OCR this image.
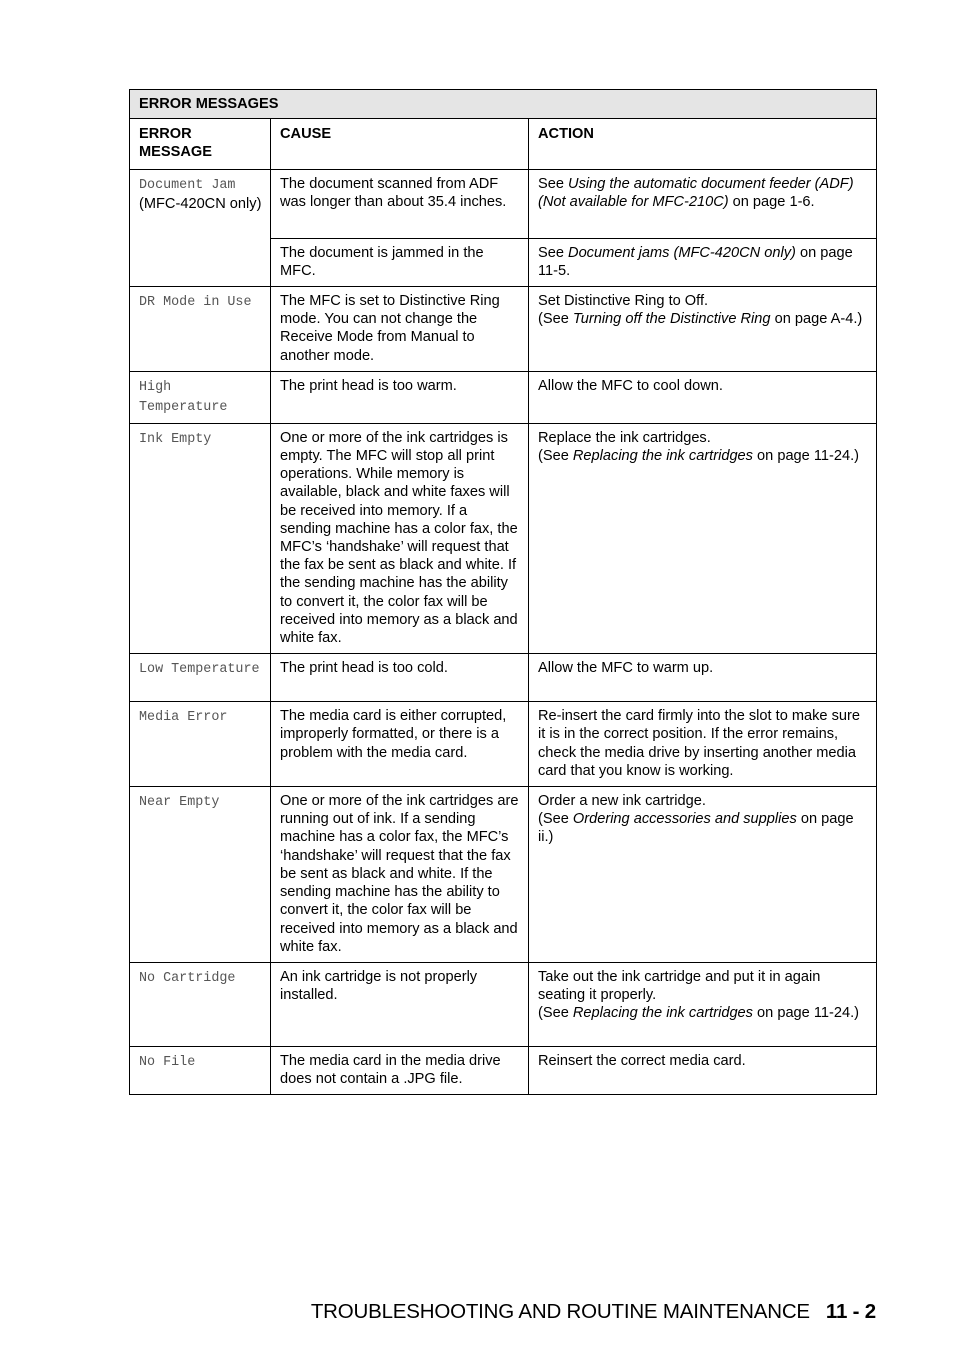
ERROR MESSAGES		
ERROR MESSAGE	CAUSE	ACTION
Document Jam
(MFC-420CN only)	The document scanned from ADF was longer than about 35.4 inches.	See Using the automatic document feeder (ADF) (Not available for MFC-210C) on page 1-6.
	The document is jammed in the MFC.	See Document jams (MFC-420CN only) on page 11-5.
DR Mode in Use	The MFC is set to Distinctive Ring mode. You can not change the Receive Mode from Manual to another mode.	Set Distinctive Ring to Off.
(See Turning off the Distinctive Ring on page A-4.)
High Temperature	The print head is too warm.	Allow the MFC to cool down.
Ink Empty	One or more of the ink cartridges is empty. The MFC will stop all print operations. While memory is available, black and white faxes will be received into memory. If a sending machine has a color fax, the MFC’s ‘handshake’ will request that the fax be sent as black and white. If the sending machine has the ability to convert it, the color fax will be received into memory as a black and white fax.	Replace the ink cartridges.
(See Replacing the ink cartridges on page 11-24.)
Low Temperature	The print head is too cold.	Allow the MFC to warm up.
Media Error	The media card is either corrupted, improperly formatted, or there is a problem with the media card.	Re-insert the card firmly into the slot to make sure it is in the correct position. If the error remains, check the media drive by inserting another media card that you know is working.
Near Empty	One or more of the ink cartridges are running out of ink. If a sending machine has a color fax, the MFC’s ‘handshake’ will request that the fax be sent as black and white. If the sending machine has the ability to convert it, the color fax will be received into memory as a black and white fax.	Order a new ink cartridge.
(See Ordering accessories and supplies on page ii.)
No Cartridge	An ink cartridge is not properly installed.	Take out the ink cartridge and put it in again seating it properly.
(See Replacing the ink cartridges on page 11-24.)
No File	The media card in the media drive does not contain a .JPG file.	Reinsert the correct media card.
TROUBLESHOOTING AND ROUTINE MAINTENANCE 11 - 2
